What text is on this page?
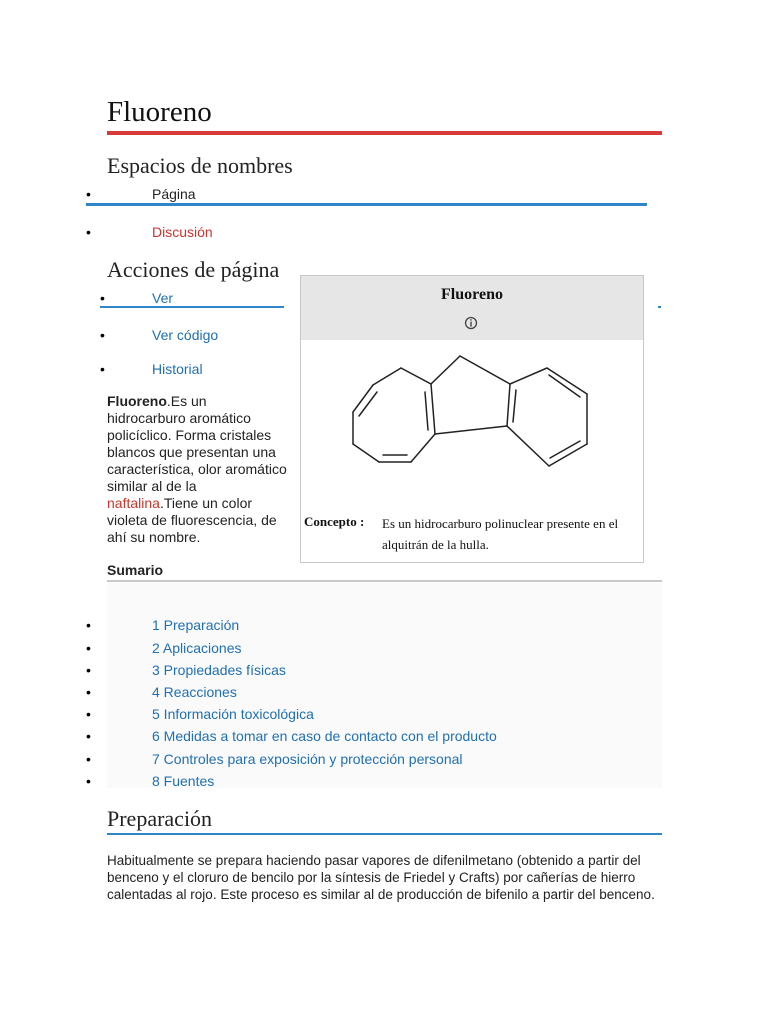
Fluoreno
Espacios de nombres
•
Página
•
Discusión
Acciones de página
•
Ver
•
Ver código
•
Historial
Fluoreno.Es un hidrocarburo aromático policíclico. Forma cristales blancos que presentan una característica, olor aromático similar al de la naftalina.Tiene un color violeta de fluorescencia, de ahí su nombre.
Fluoreno
Concepto : Es un hidrocarburo polinuclear presente en el alquitrán de la hulla.
Sumario
•
1 Preparación
•
2 Aplicaciones
•
3 Propiedades físicas
•
4 Reacciones
•
5 Información toxicológica
•
6 Medidas a tomar en caso de contacto con el producto
•
7 Controles para exposición y protección personal
•
8 Fuentes
Preparación
Habitualmente se prepara haciendo pasar vapores de difenilmetano (obtenido a partir del benceno y el cloruro de bencilo por la síntesis de Friedel y Crafts) por cañerías de hierro calentadas al rojo. Este proceso es similar al de producción de bifenilo a partir del benceno.
